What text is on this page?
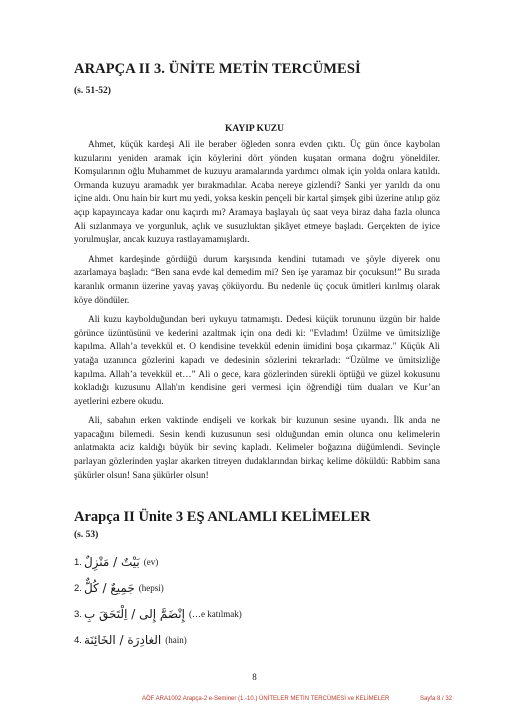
ARAPÇA II 3. ÜNİTE METİN TERCÜMESİ
(s. 51-52)
KAYIP KUZU

Ahmet, küçük kardeşi Ali ile beraber öğleden sonra evden çıktı. Üç gün önce kaybolan kuzularını yeniden aramak için köylerini dört yönden kuşatan ormana doğru yöneldiler. Komşularının oğlu Muhammet de kuzuyu aramalarında yardımcı olmak için yolda onlara katıldı. Ormanda kuzuyu aramadık yer bırakmadılar. Acaba nereye gizlendi? Sanki yer yarıldı da onu içine aldı. Onu hain bir kurt mu yedi, yoksa keskin pençeli bir kartal şimşek gibi üzerine atılıp göz açıp kapayıncaya kadar onu kaçırdı mı? Aramaya başlayalı üç saat veya biraz daha fazla olunca Ali sızlanmaya ve yorgunluk, açlık ve susuzluktan şikâyet etmeye başladı. Gerçekten de iyice yorulmuşlar, ancak kuzuya rastlayamamışlardı.

Ahmet kardeşinde gördüğü durum karşısında kendini tutamadı ve şöyle diyerek onu azarlamaya başladı: “Ben sana evde kal demedim mi? Sen işe yaramaz bir çocuksun!” Bu sırada karanlık ormanın üzerine yavaş yavaş çöküyordu. Bu nedenle üç çocuk ümitleri kırılmış olarak köye döndüler.

Ali kuzu kaybolduğundan beri uykuyu tatmamıştı. Dedesi küçük torununu üzgün bir halde görünce üzüntüsünü ve kederini azaltmak için ona dedi ki: "Evladım! Üzülme ve ümitsizliğe kapılma. Allah’a tevekkül et. O kendisine tevekkül edenin ümidini boşa çıkarmaz." Küçük Ali yatağa uzanınca gözlerini kapadı ve dedesinin sözlerini tekrarladı: “Üzülme ve ümitsizliğe kapılma. Allah’a tevekkül et…” Ali o gece, kara gözlerinden sürekli öptüğü ve güzel kokusunu kokladığı kuzusunu Allah'ın kendisine geri vermesi için öğrendiği tüm duaları ve Kur’an ayetlerini ezbere okudu.

Ali, sabahın erken vaktinde endişeli ve korkak bir kuzunun sesine uyandı. İlk anda ne yapacağını bilemedi. Sesin kendi kuzusunun sesi olduğundan emin olunca onu kelimelerin anlatmakta aciz kaldığı büyük bir sevinç kapladı. Kelimeler boğazına düğümlendi. Sevinçle parlayan gözlerinden yaşlar akarken titreyen dudaklarından birkaç kelime döküldü: Rabbim sana şükürler olsun! Sana şükürler olsun!

Arapça II Ünite 3 EŞ ANLAMLI KELİMELER
(s. 53)
1. بَيْتٌ / مَنْزِلٌ (ev)
2. جَمِيعٌ / كُلٌّ (hepsi)
3. إِنْضَمَّ إِلى / اِلْتَحَقَ بِ (…e katılmak)
4. الغادِرَة / الخَائِنَة (hain)
8
AÖF ARA1002 Arapça-2 e-Seminer (1.-10.) ÜNİTELER METİN TERCÜMESİ ve KELİMELER	Sayfa 8 / 32
